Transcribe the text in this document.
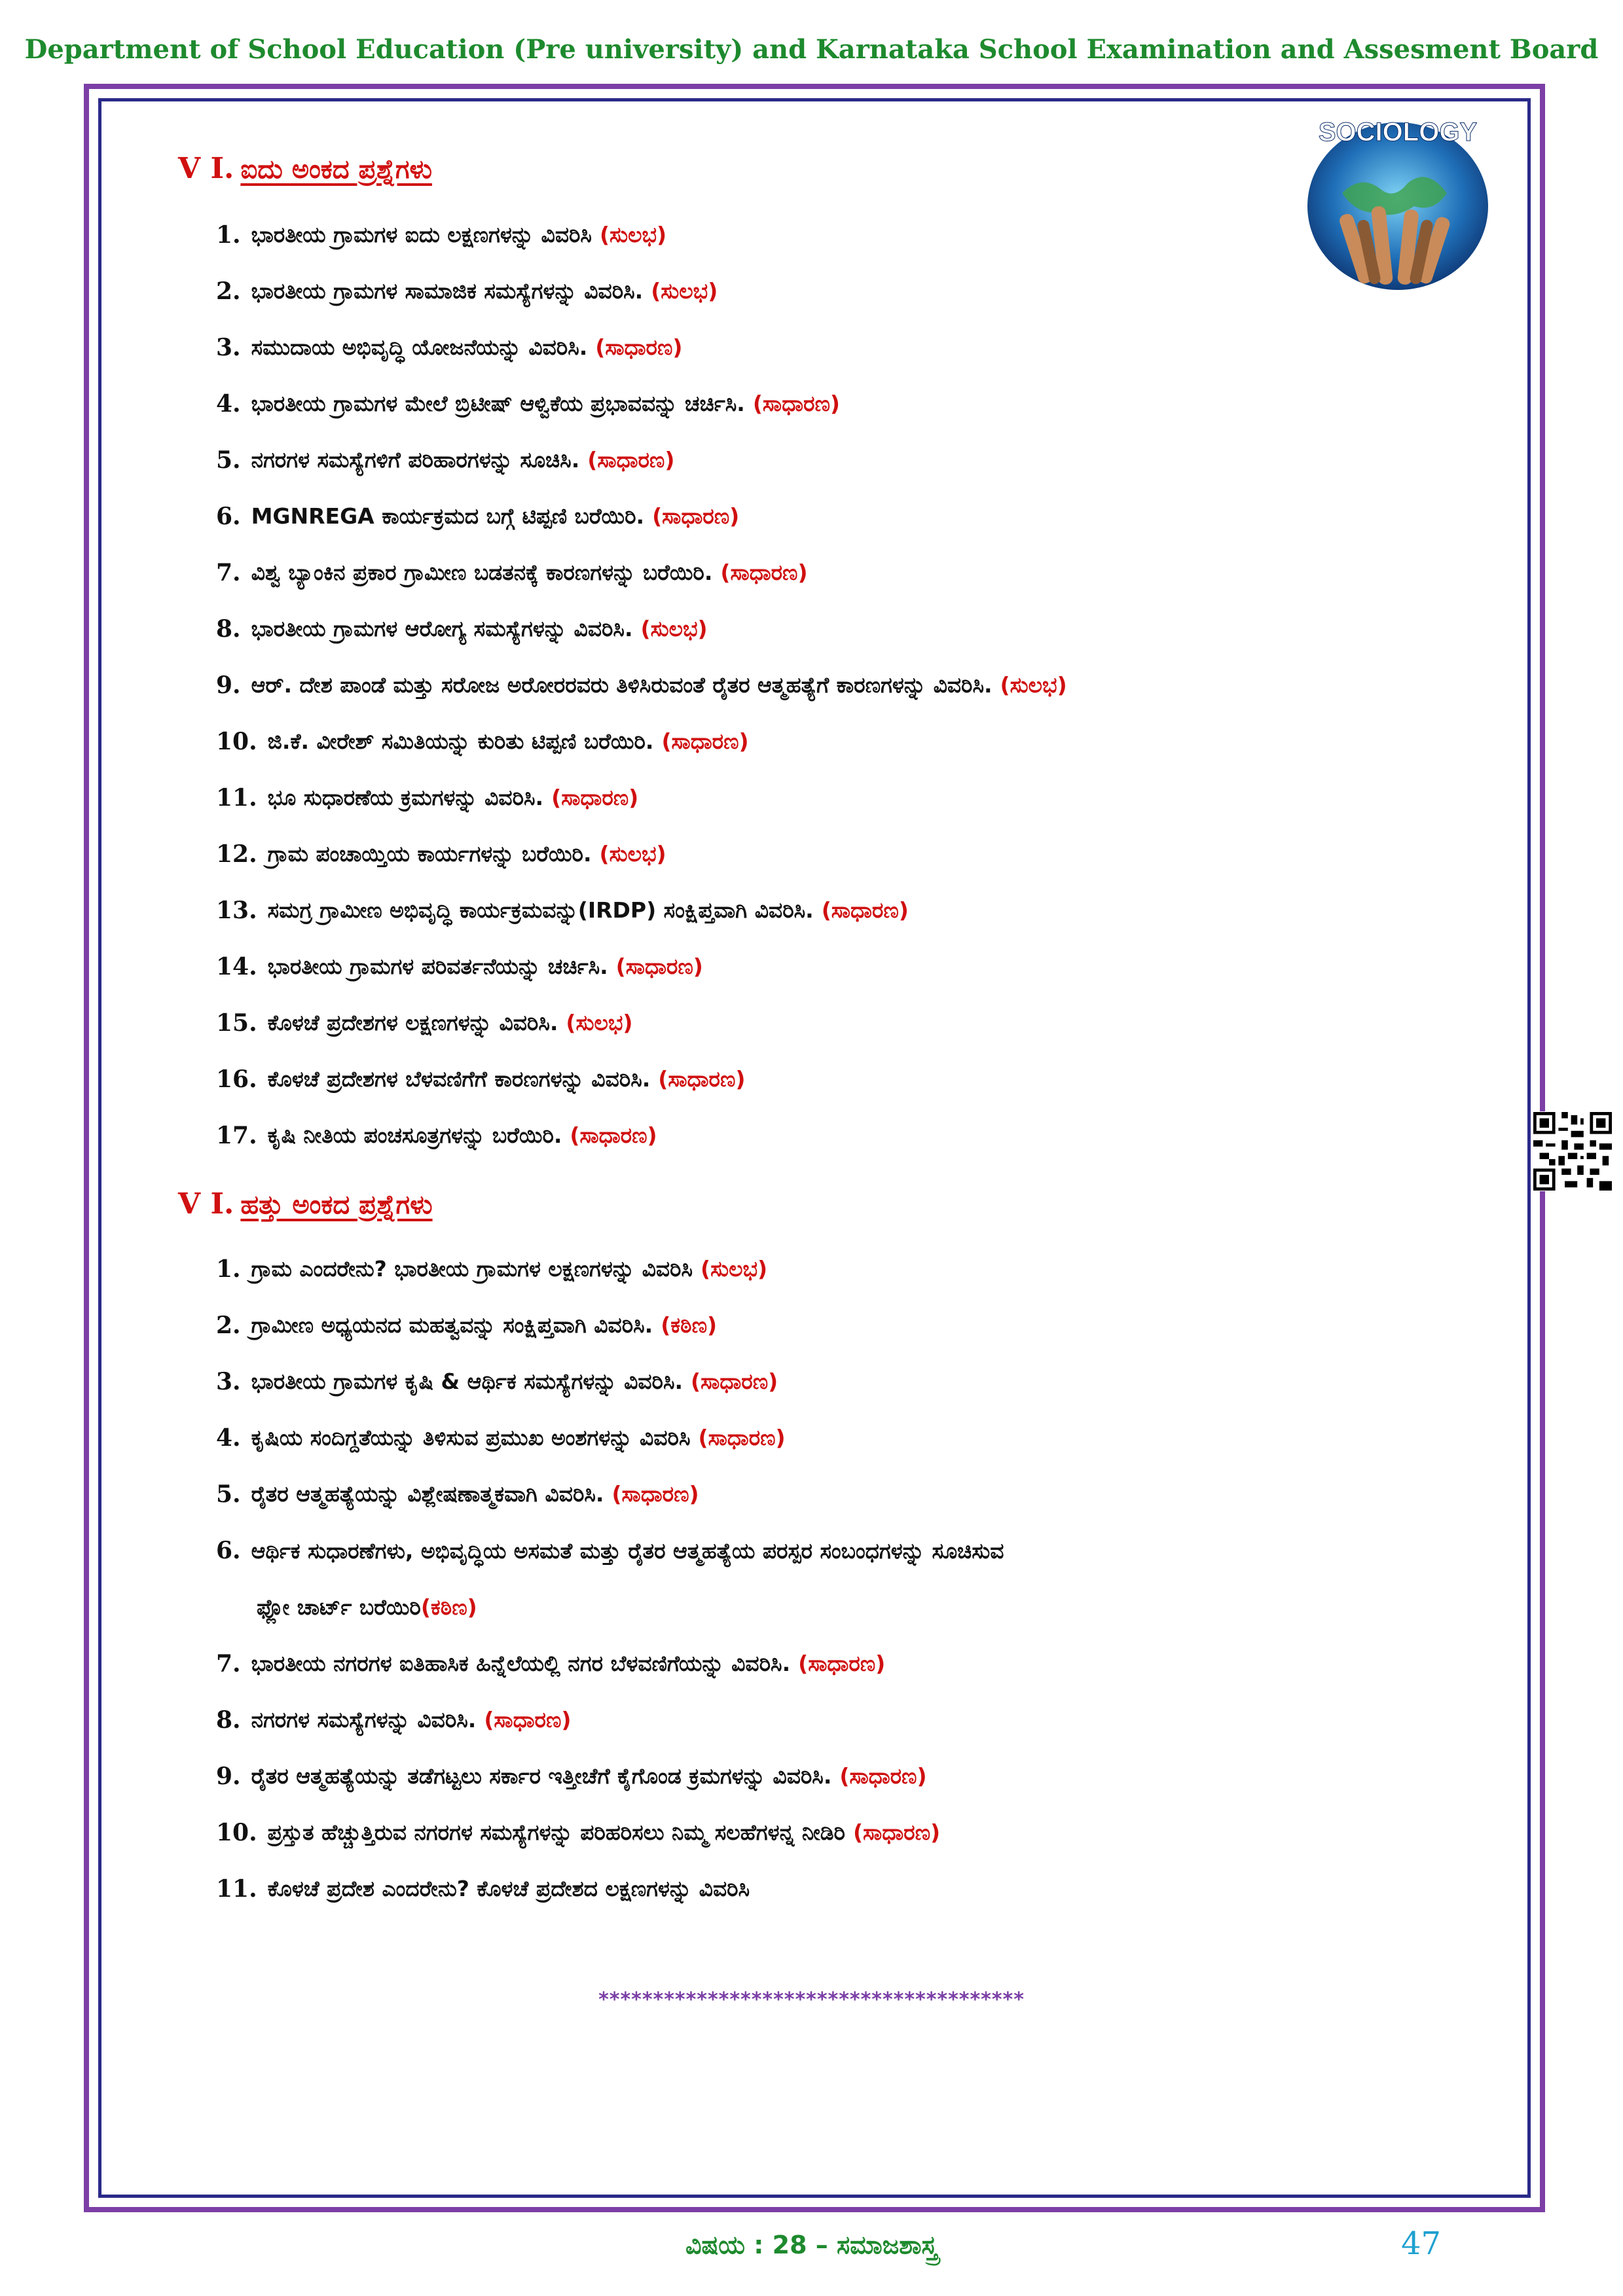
Department of School Education (Pre university) and Karnataka School Examination and Assesment Board
SOCIOLOGY
V I. ಐದು ಅಂಕದ ಪ್ರಶ್ನೆಗಳು
1. ಭಾರತೀಯ ಗ್ರಾಮಗಳ ಐದು ಲಕ್ಷಣಗಳನ್ನು ವಿವರಿಸಿ (ಸುಲಭ)
2. ಭಾರತೀಯ ಗ್ರಾಮಗಳ ಸಾಮಾಜಿಕ ಸಮಸ್ಯೆಗಳನ್ನು ವಿವರಿಸಿ. (ಸುಲಭ)
3. ಸಮುದಾಯ ಅಭಿವೃದ್ಧಿ ಯೋಜನೆಯನ್ನು ವಿವರಿಸಿ. (ಸಾಧಾರಣ)
4. ಭಾರತೀಯ ಗ್ರಾಮಗಳ ಮೇಲೆ ಬ್ರಿಟೀಷ್ ಆಳ್ವಿಕೆಯ ಪ್ರಭಾವವನ್ನು ಚರ್ಚಿಸಿ. (ಸಾಧಾರಣ)
5. ನಗರಗಳ ಸಮಸ್ಯೆಗಳಿಗೆ ಪರಿಹಾರಗಳನ್ನು ಸೂಚಿಸಿ. (ಸಾಧಾರಣ)
6. MGNREGA ಕಾರ್ಯಕ್ರಮದ ಬಗ್ಗೆ ಟಿಪ್ಪಣಿ ಬರೆಯಿರಿ. (ಸಾಧಾರಣ)
7. ವಿಶ್ವ ಬ್ಯಾಂಕಿನ ಪ್ರಕಾರ ಗ್ರಾಮೀಣ ಬಡತನಕ್ಕೆ ಕಾರಣಗಳನ್ನು ಬರೆಯಿರಿ. (ಸಾಧಾರಣ)
8. ಭಾರತೀಯ ಗ್ರಾಮಗಳ ಆರೋಗ್ಯ ಸಮಸ್ಯೆಗಳನ್ನು ವಿವರಿಸಿ. (ಸುಲಭ)
9. ಆರ್. ದೇಶ ಪಾಂಡೆ ಮತ್ತು ಸರೋಜ ಅರೋರರವರು ತಿಳಿಸಿರುವಂತೆ ರೈತರ ಆತ್ಮಹತ್ಯೆಗೆ ಕಾರಣಗಳನ್ನು ವಿವರಿಸಿ. (ಸುಲಭ)
10. ಜಿ.ಕೆ. ವೀರೇಶ್ ಸಮಿತಿಯನ್ನು ಕುರಿತು ಟಿಪ್ಪಣಿ ಬರೆಯಿರಿ. (ಸಾಧಾರಣ)
11. ಭೂ ಸುಧಾರಣೆಯ ಕ್ರಮಗಳನ್ನು ವಿವರಿಸಿ. (ಸಾಧಾರಣ)
12. ಗ್ರಾಮ ಪಂಚಾಯ್ತಿಯ ಕಾರ್ಯಗಳನ್ನು ಬರೆಯಿರಿ. (ಸುಲಭ)
13. ಸಮಗ್ರ ಗ್ರಾಮೀಣ ಅಭಿವೃದ್ಧಿ ಕಾರ್ಯಕ್ರಮವನ್ನು(IRDP) ಸಂಕ್ಷಿಪ್ತವಾಗಿ ವಿವರಿಸಿ. (ಸಾಧಾರಣ)
14. ಭಾರತೀಯ ಗ್ರಾಮಗಳ ಪರಿವರ್ತನೆಯನ್ನು ಚರ್ಚಿಸಿ. (ಸಾಧಾರಣ)
15. ಕೊಳಚೆ ಪ್ರದೇಶಗಳ ಲಕ್ಷಣಗಳನ್ನು ವಿವರಿಸಿ. (ಸುಲಭ)
16. ಕೊಳಚೆ ಪ್ರದೇಶಗಳ ಬೆಳವಣಿಗೆಗೆ ಕಾರಣಗಳನ್ನು ವಿವರಿಸಿ. (ಸಾಧಾರಣ)
17. ಕೃಷಿ ನೀತಿಯ ಪಂಚಸೂತ್ರಗಳನ್ನು ಬರೆಯಿರಿ. (ಸಾಧಾರಣ)
V I. ಹತ್ತು ಅಂಕದ ಪ್ರಶ್ನೆಗಳು
1. ಗ್ರಾಮ ಎಂದರೇನು? ಭಾರತೀಯ ಗ್ರಾಮಗಳ ಲಕ್ಷಣಗಳನ್ನು ವಿವರಿಸಿ (ಸುಲಭ)
2. ಗ್ರಾಮೀಣ ಅಧ್ಯಯನದ ಮಹತ್ವವನ್ನು ಸಂಕ್ಷಿಪ್ತವಾಗಿ ವಿವರಿಸಿ. (ಕಠಿಣ)
3. ಭಾರತೀಯ ಗ್ರಾಮಗಳ ಕೃಷಿ & ಆರ್ಥಿಕ ಸಮಸ್ಯೆಗಳನ್ನು ವಿವರಿಸಿ. (ಸಾಧಾರಣ)
4. ಕೃಷಿಯ ಸಂದಿಗ್ದತೆಯನ್ನು ತಿಳಿಸುವ ಪ್ರಮುಖ ಅಂಶಗಳನ್ನು ವಿವರಿಸಿ (ಸಾಧಾರಣ)
5. ರೈತರ ಆತ್ಮಹತ್ಯೆಯನ್ನು ವಿಶ್ಲೇಷಣಾತ್ಮಕವಾಗಿ ವಿವರಿಸಿ. (ಸಾಧಾರಣ)
6. ಆರ್ಥಿಕ ಸುಧಾರಣೆಗಳು, ಅಭಿವೃದ್ಧಿಯ ಅಸಮತೆ ಮತ್ತು ರೈತರ ಆತ್ಮಹತ್ಯೆಯ ಪರಸ್ಪರ ಸಂಬಂಧಗಳನ್ನು ಸೂಚಿಸುವ
ಫ್ಲೋ ಚಾರ್ಟ್ ಬರೆಯಿರಿ(ಕಠಿಣ)
7. ಭಾರತೀಯ ನಗರಗಳ ಐತಿಹಾಸಿಕ ಹಿನ್ನೆಲೆಯಲ್ಲಿ ನಗರ ಬೆಳವಣಿಗೆಯನ್ನು ವಿವರಿಸಿ. (ಸಾಧಾರಣ)
8. ನಗರಗಳ ಸಮಸ್ಯೆಗಳನ್ನು ವಿವರಿಸಿ. (ಸಾಧಾರಣ)
9. ರೈತರ ಆತ್ಮಹತ್ಯೆಯನ್ನು ತಡೆಗಟ್ಟಲು ಸರ್ಕಾರ ಇತ್ತೀಚೆಗೆ ಕೈಗೊಂಡ ಕ್ರಮಗಳನ್ನು ವಿವರಿಸಿ. (ಸಾಧಾರಣ)
10. ಪ್ರಸ್ತುತ ಹೆಚ್ಚುತ್ತಿರುವ ನಗರಗಳ ಸಮಸ್ಯೆಗಳನ್ನು ಪರಿಹರಿಸಲು ನಿಮ್ಮ ಸಲಹೆಗಳನ್ನ ನೀಡಿರಿ (ಸಾಧಾರಣ)
11. ಕೊಳಚೆ ಪ್ರದೇಶ ಎಂದರೇನು? ಕೊಳಚೆ ಪ್ರದೇಶದ ಲಕ್ಷಣಗಳನ್ನು ವಿವರಿಸಿ
***************************************
ವಿಷಯ : 28 – ಸಮಾಜಶಾಸ್ತ್ರ	47
